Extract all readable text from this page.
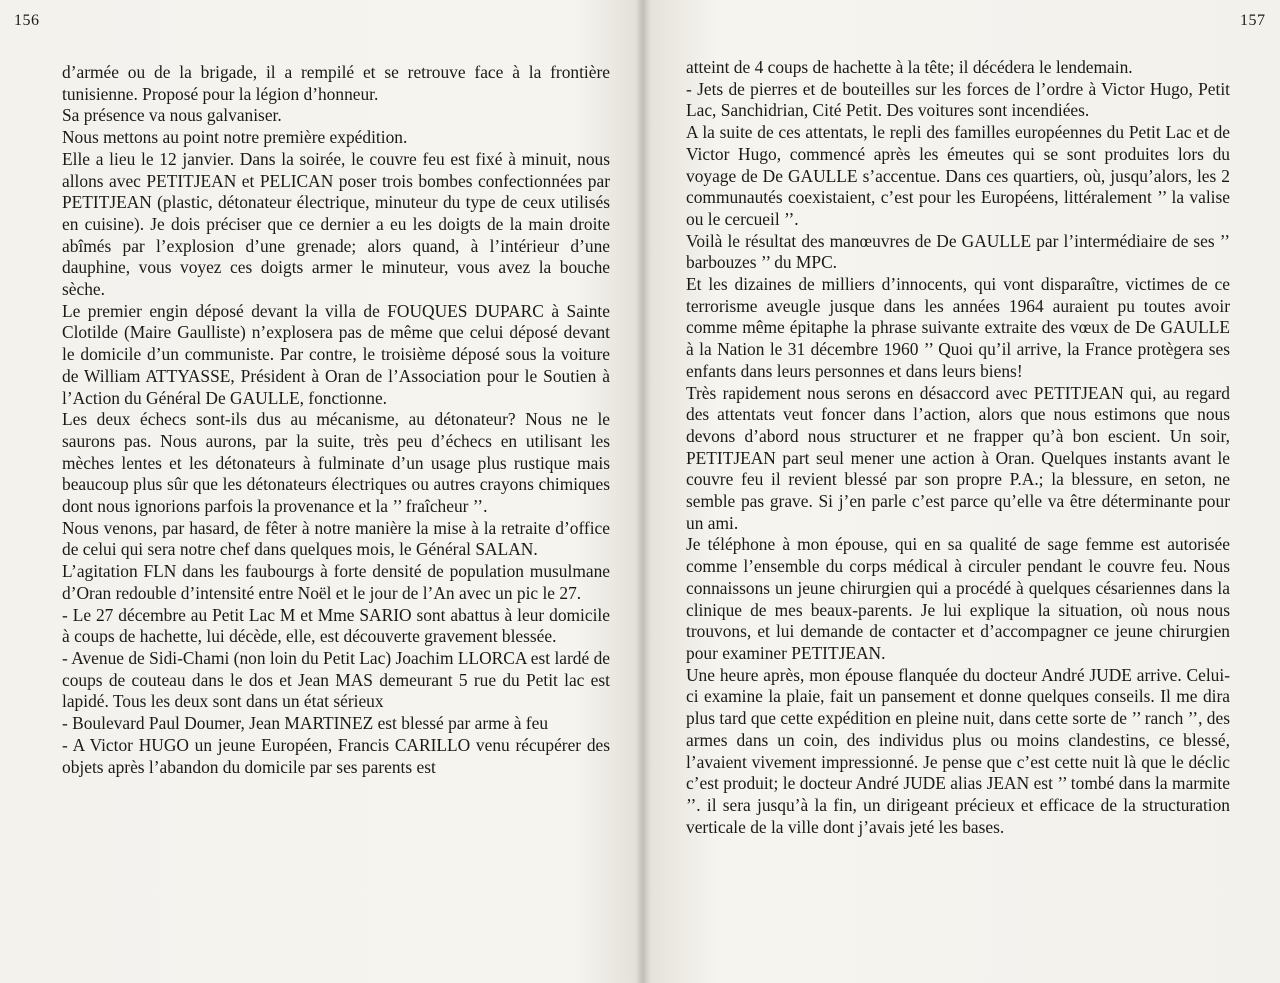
156	157

d’armée ou de la brigade, il a rempilé et se retrouve face à la frontière tunisienne. Proposé pour la légion d’honneur.

Sa présence va nous galvaniser.

Nous mettons au point notre première expédition.

Elle a lieu le 12 janvier. Dans la soirée, le couvre feu est fixé à minuit, nous allons avec PETITJEAN et PELICAN poser trois bombes confectionnées par PETITJEAN (plastic, détonateur électrique, minuteur du type de ceux utilisés en cuisine). Je dois préciser que ce dernier a eu les doigts de la main droite abîmés par l’explosion d’une grenade; alors quand, à l’intérieur d’une dauphine, vous voyez ces doigts armer le minuteur, vous avez la bouche sèche.

Le premier engin déposé devant la villa de FOUQUES DUPARC à Sainte Clotilde (Maire Gaulliste) n’explosera pas de même que celui déposé devant le domicile d’un communiste. Par contre, le troisième déposé sous la voiture de William ATTYASSE, Président à Oran de l’Association pour le Soutien à l’Action du Général De GAULLE, fonctionne.

Les deux échecs sont-ils dus au mécanisme, au détonateur? Nous ne le saurons pas. Nous aurons, par la suite, très peu d’échecs en utilisant les mèches lentes et les détonateurs à fulminate d’un usage plus rustique mais beaucoup plus sûr que les détonateurs électriques ou autres crayons chimiques dont nous ignorions parfois la provenance et la ’’ fraîcheur ’’.

Nous venons, par hasard, de fêter à notre manière la mise à la retraite d’office de celui qui sera notre chef dans quelques mois, le Général SALAN.

L’agitation FLN dans les faubourgs à forte densité de population musulmane d’Oran redouble d’intensité entre Noël et le jour de l’An avec un pic le 27.

- Le 27 décembre au Petit Lac M et Mme SARIO sont abattus à leur domicile à coups de hachette, lui décède, elle, est découverte gravement blessée.

- Avenue de Sidi-Chami (non loin du Petit Lac) Joachim LLORCA est lardé de coups de couteau dans le dos et Jean MAS demeurant 5 rue du Petit lac est lapidé. Tous les deux sont dans un état sérieux

- Boulevard Paul Doumer, Jean MARTINEZ est blessé par arme à feu

- A Victor HUGO un jeune Européen, Francis CARILLO venu récupérer des objets après l’abandon du domicile par ses parents est

atteint de 4 coups de hachette à la tête; il décédera le lendemain.

- Jets de pierres et de bouteilles sur les forces de l’ordre à Victor Hugo, Petit Lac, Sanchidrian, Cité Petit. Des voitures sont incendiées.

A la suite de ces attentats, le repli des familles européennes du Petit Lac et de Victor Hugo, commencé après les émeutes qui se sont produites lors du voyage de De GAULLE s’accentue. Dans ces quartiers, où, jusqu’alors, les 2 communautés coexistaient, c’est pour les Européens, littéralement ’’ la valise ou le cercueil ’’.

Voilà le résultat des manœuvres de De GAULLE par l’intermédiaire de ses ’’ barbouzes ’’ du MPC.

Et les dizaines de milliers d’innocents, qui vont disparaître, victimes de ce terrorisme aveugle jusque dans les années 1964 auraient pu toutes avoir comme même épitaphe la phrase suivante extraite des vœux de De GAULLE à la Nation le 31 décembre 1960 ’’ Quoi qu’il arrive, la France protègera ses enfants dans leurs personnes et dans leurs biens!

Très rapidement nous serons en désaccord avec PETITJEAN qui, au regard des attentats veut foncer dans l’action, alors que nous estimons que nous devons d’abord nous structurer et ne frapper qu’à bon escient. Un soir, PETITJEAN part seul mener une action à Oran. Quelques instants avant le couvre feu il revient blessé par son propre P.A.; la blessure, en seton, ne semble pas grave. Si j’en parle c’est parce qu’elle va être déterminante pour un ami.

Je téléphone à mon épouse, qui en sa qualité de sage femme est autorisée comme l’ensemble du corps médical à circuler pendant le couvre feu. Nous connaissons un jeune chirurgien qui a procédé à quelques césariennes dans la clinique de mes beaux-parents. Je lui explique la situation, où nous nous trouvons, et lui demande de contacter et d’accompagner ce jeune chirurgien pour examiner PETITJEAN.

Une heure après, mon épouse flanquée du docteur André JUDE arrive. Celui-ci examine la plaie, fait un pansement et donne quelques conseils. Il me dira plus tard que cette expédition en pleine nuit, dans cette sorte de ’’ ranch ’’, des armes dans un coin, des individus plus ou moins clandestins, ce blessé, l’avaient vivement impressionné. Je pense que c’est cette nuit là que le déclic c’est produit; le docteur André JUDE alias JEAN est ’’ tombé dans la marmite ’’. il sera jusqu’à la fin, un dirigeant précieux et efficace de la structuration verticale de la ville dont j’avais jeté les bases.
